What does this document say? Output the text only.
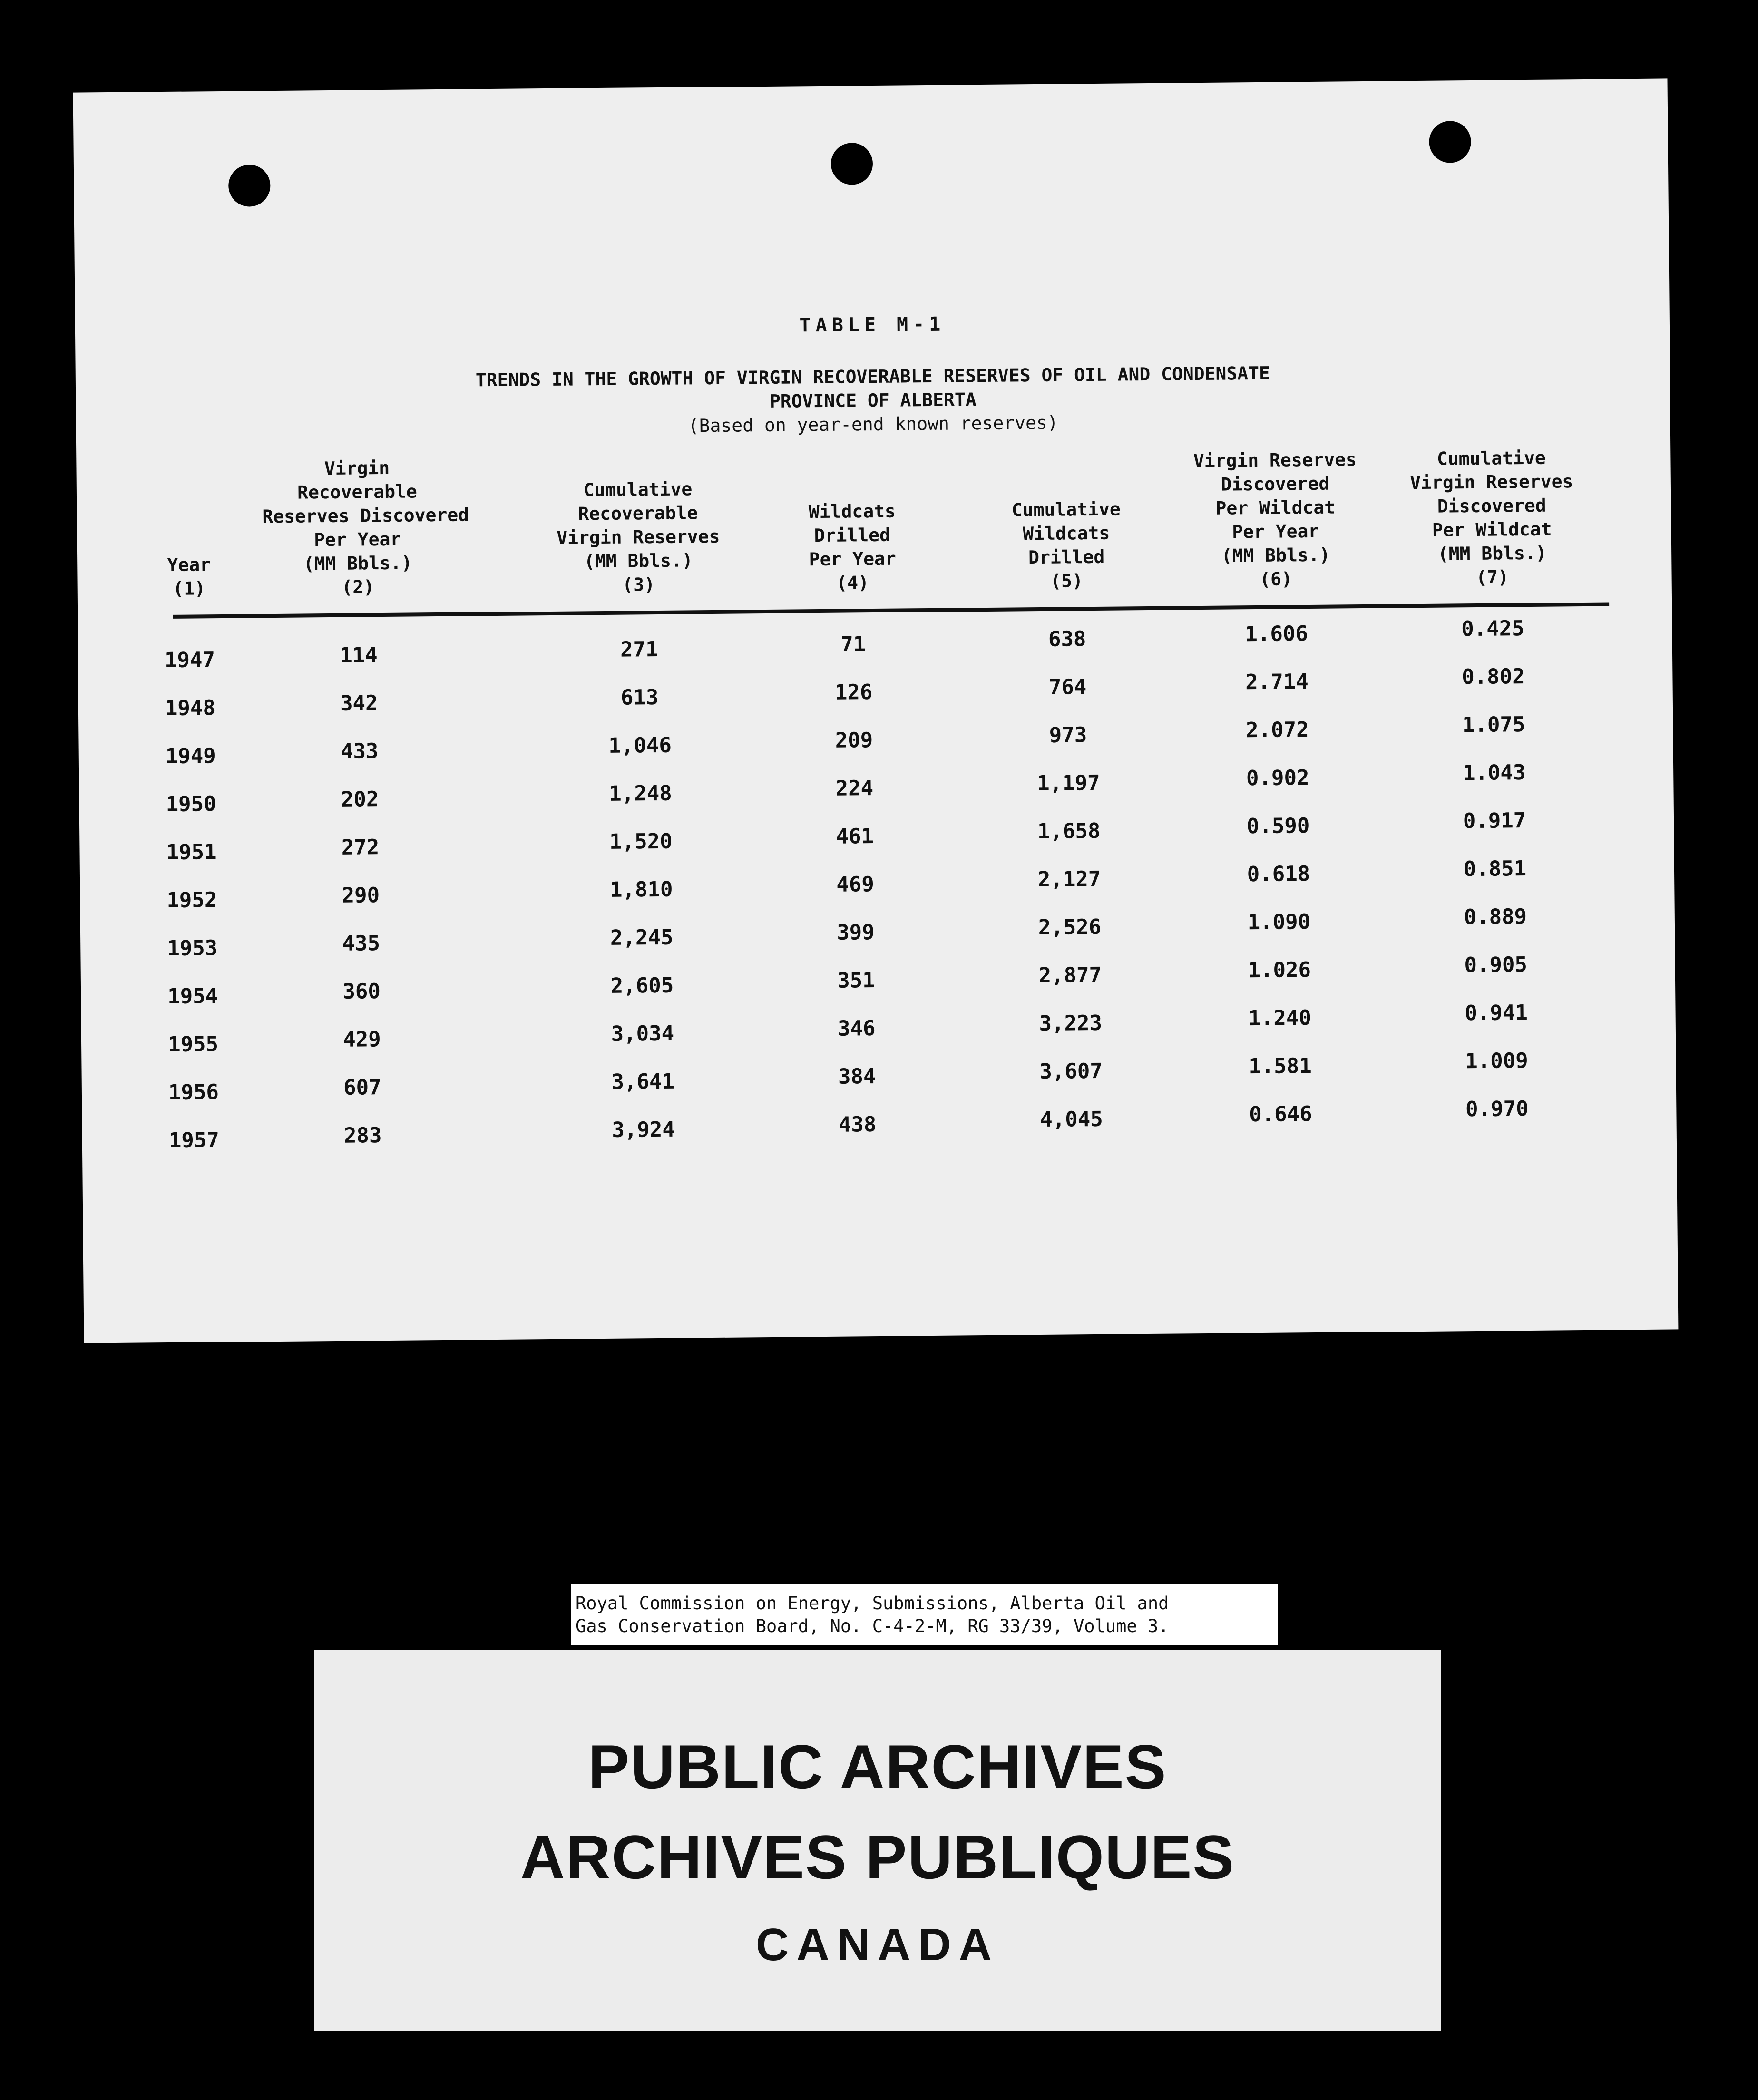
TABLE M-1
TRENDS IN THE GROWTH OF VIRGIN RECOVERABLE RESERVES OF OIL AND CONDENSATE
PROVINCE OF ALBERTA
(Based on year-end known reserves)
Year
(1)
Virgin
Recoverable
Reserves Discovered
Per Year
(MM Bbls.)
(2)
Cumulative
Recoverable
Virgin Reserves
(MM Bbls.)
(3)
Wildcats
Drilled
Per Year
(4)
Cumulative
Wildcats
Drilled
(5)
Virgin Reserves
Discovered
Per Wildcat
Per Year
(MM Bbls.)
(6)
Cumulative
Virgin Reserves
Discovered
Per Wildcat
(MM Bbls.)
(7)
1947	114	271	71	638	1.606	0.425
1948	342	613	126	764	2.714	0.802
1949	433	1,046	209	973	2.072	1.075
1950	202	1,248	224	1,197	0.902	1.043
1951	272	1,520	461	1,658	0.590	0.917
1952	290	1,810	469	2,127	0.618	0.851
1953	435	2,245	399	2,526	1.090	0.889
1954	360	2,605	351	2,877	1.026	0.905
1955	429	3,034	346	3,223	1.240	0.941
1956	607	3,641	384	3,607	1.581	1.009
1957	283	3,924	438	4,045	0.646	0.970
Royal Commission on Energy, Submissions, Alberta Oil and
Gas Conservation Board, No. C-4-2-M, RG 33/39, Volume 3.
PUBLIC ARCHIVES
ARCHIVES PUBLIQUES
CANADA
